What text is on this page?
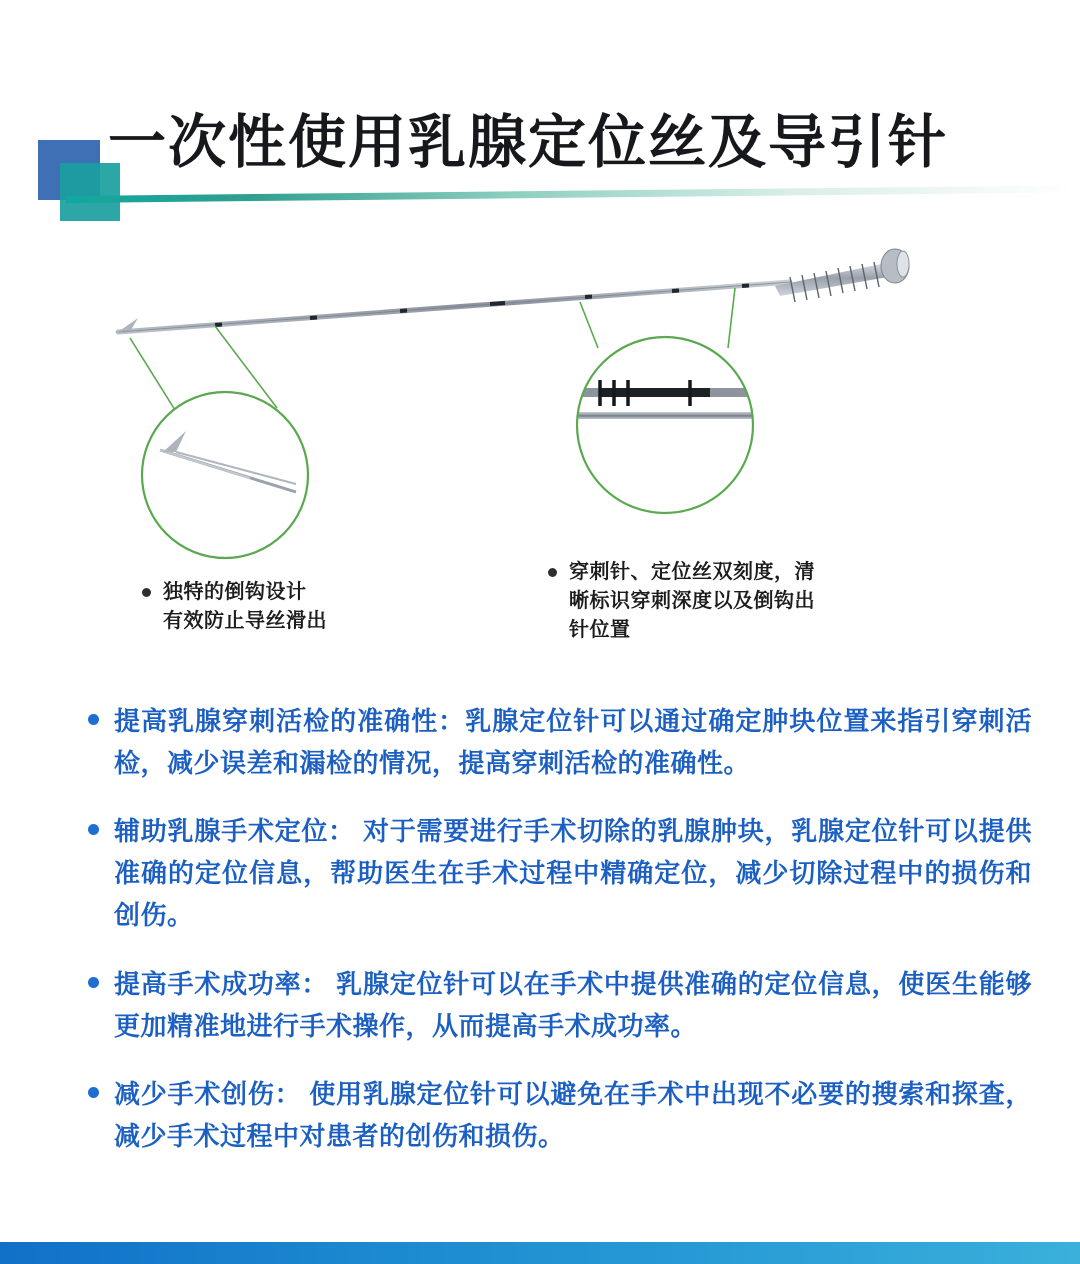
一次性使用乳腺定位丝及导引针
独特的倒钩设计
有效防止导丝滑出
穿刺针、定位丝双刻度，清
晰标识穿刺深度以及倒钩出
针位置
提高乳腺穿刺活检的准确性：乳腺定位针可以通过确定肿块位置来指引穿刺活检，减少误差和漏检的情况，提高穿刺活检的准确性。
辅助乳腺手术定位： 对于需要进行手术切除的乳腺肿块，乳腺定位针可以提供准确的定位信息，帮助医生在手术过程中精确定位，减少切除过程中的损伤和创伤。
提高手术成功率： 乳腺定位针可以在手术中提供准确的定位信息，使医生能够更加精准地进行手术操作，从而提高手术成功率。
减少手术创伤： 使用乳腺定位针可以避免在手术中出现不必要的搜索和探查，减少手术过程中对患者的创伤和损伤。
